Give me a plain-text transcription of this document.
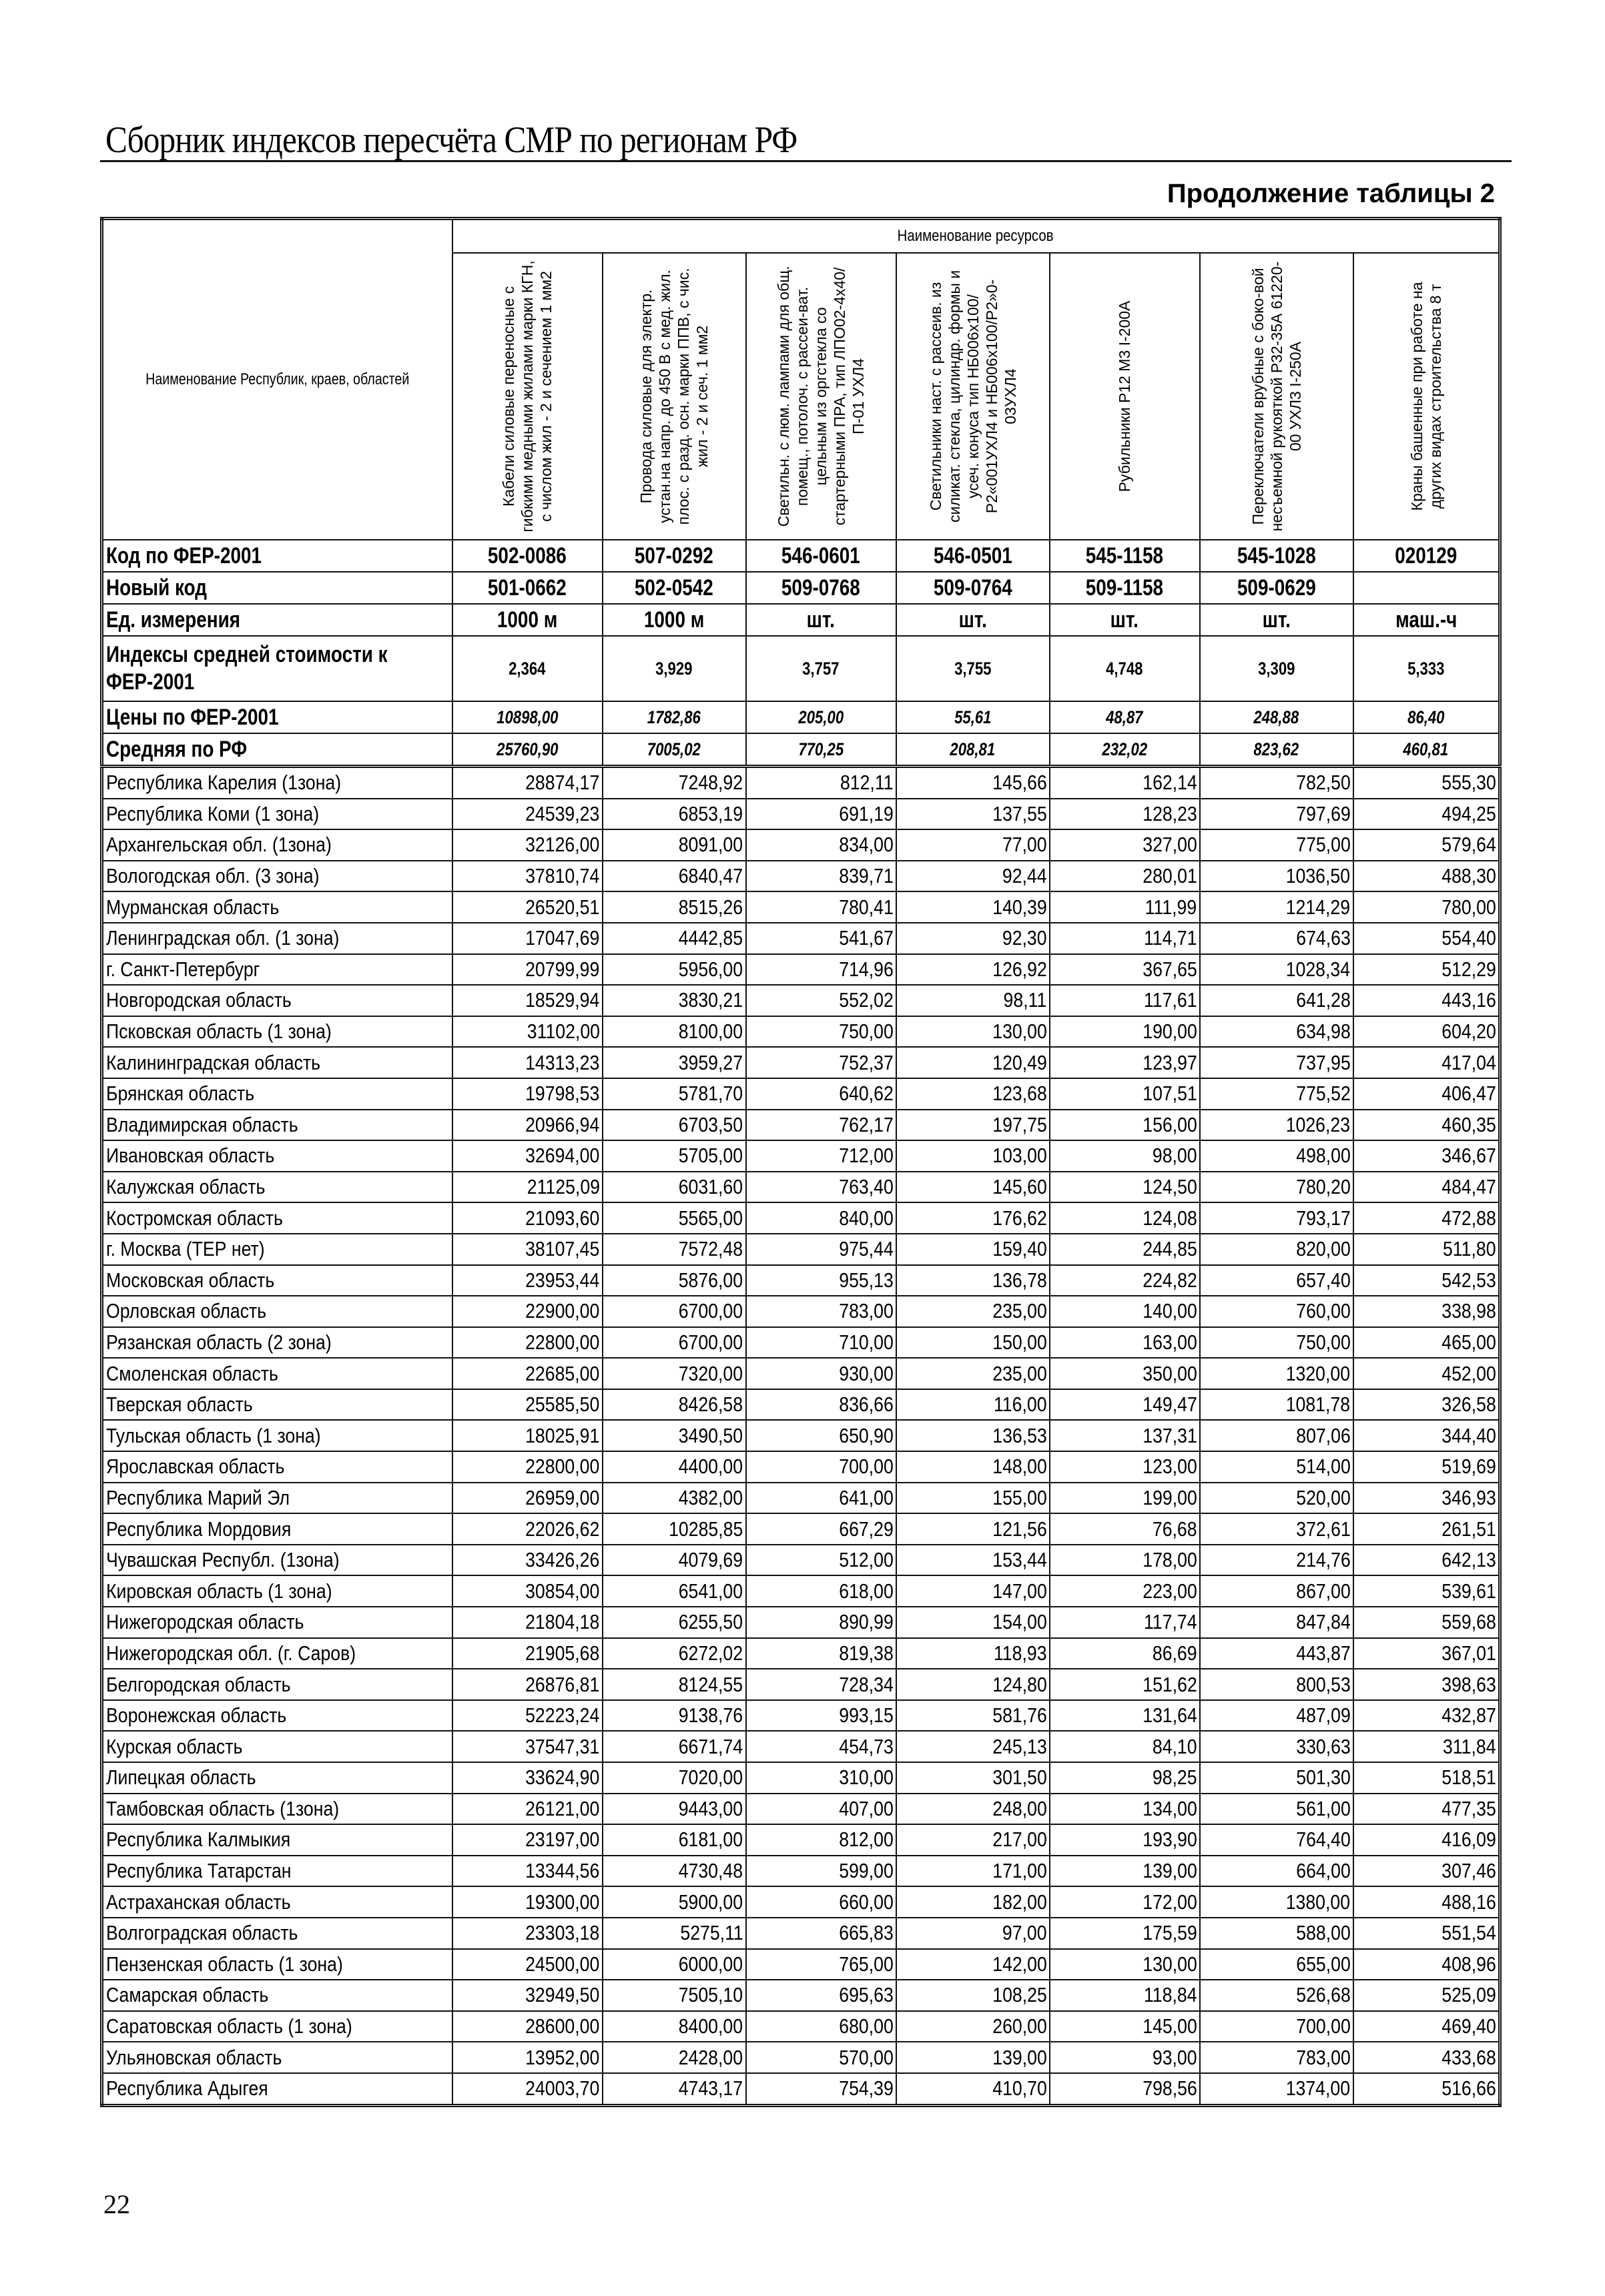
Сборник индексов пересчёта СМР по регионам РФ
Продолжение таблицы 2
Наименование Республик, краев, областей	Наименование ресурсов						

	Кабели силовые переносные с гибкими медными жилами марки КГН, с числом жил - 2 и сечением 1 мм2	Провода силовые для электр. устан.на напр. до 450 В с мед. жил. плос. с разд. осн. марки ППВ, с чис. жил - 2 и сеч. 1 мм2	Светильн. с люм. лампами для общ. помещ., потолоч. с рассеи-ват. цельным из оргстекла со стартерными ПРА, тип ЛПО02-4х40/П-01 УХЛ4	Светильники наст. с рассеив. из силикат. стекла, цилиндр. формы и усеч. конуса тип НБ006х100/Р2«001УХЛ4 и НБ006х100/Р2»0-03УХЛ4	Рубильники Р12 М3 I-200А	Переключатели врубные с боко-вой несъемной рукояткой Р32-35А 61220-00 УХЛ3 I-250А	Краны башенные при работе на других видах строительства 8 т

Код по ФЕР-2001	502-0086	507-0292	546-0601	546-0501	545-1158	545-1028	020129
Новый код	501-0662	502-0542	509-0768	509-0764	509-1158	509-0629	
Ед. измерения	1000 м	1000 м	шт.	шт.	шт.	шт.	маш.-ч
Индексы средней стоимости к ФЕР-2001	2,364	3,929	3,757	3,755	4,748	3,309	5,333
Цены по ФЕР-2001	10898,00	1782,86	205,00	55,61	48,87	248,88	86,40
Средняя по РФ	25760,90	7005,02	770,25	208,81	232,02	823,62	460,81
Республика Карелия (1зона)	28874,17	7248,92	812,11	145,66	162,14	782,50	555,30
Республика Коми (1 зона)	24539,23	6853,19	691,19	137,55	128,23	797,69	494,25
Архангельская обл. (1зона)	32126,00	8091,00	834,00	77,00	327,00	775,00	579,64
Вологодская обл. (3 зона)	37810,74	6840,47	839,71	92,44	280,01	1036,50	488,30
Мурманская область	26520,51	8515,26	780,41	140,39	111,99	1214,29	780,00
Ленинградская обл. (1 зона)	17047,69	4442,85	541,67	92,30	114,71	674,63	554,40
г. Санкт-Петербург	20799,99	5956,00	714,96	126,92	367,65	1028,34	512,29
Новгородская область	18529,94	3830,21	552,02	98,11	117,61	641,28	443,16
Псковская область (1 зона)	31102,00	8100,00	750,00	130,00	190,00	634,98	604,20
Калининградская область	14313,23	3959,27	752,37	120,49	123,97	737,95	417,04
Брянская область	19798,53	5781,70	640,62	123,68	107,51	775,52	406,47
Владимирская область	20966,94	6703,50	762,17	197,75	156,00	1026,23	460,35
Ивановская область	32694,00	5705,00	712,00	103,00	98,00	498,00	346,67
Калужская область	21125,09	6031,60	763,40	145,60	124,50	780,20	484,47
Костромская область	21093,60	5565,00	840,00	176,62	124,08	793,17	472,88
г. Москва (ТЕР нет)	38107,45	7572,48	975,44	159,40	244,85	820,00	511,80
Московская область	23953,44	5876,00	955,13	136,78	224,82	657,40	542,53
Орловская область	22900,00	6700,00	783,00	235,00	140,00	760,00	338,98
Рязанская область (2 зона)	22800,00	6700,00	710,00	150,00	163,00	750,00	465,00
Смоленская область	22685,00	7320,00	930,00	235,00	350,00	1320,00	452,00
Тверская область	25585,50	8426,58	836,66	116,00	149,47	1081,78	326,58
Тульская область (1 зона)	18025,91	3490,50	650,90	136,53	137,31	807,06	344,40
Ярославская область	22800,00	4400,00	700,00	148,00	123,00	514,00	519,69
Республика Марий Эл	26959,00	4382,00	641,00	155,00	199,00	520,00	346,93
Республика Мордовия	22026,62	10285,85	667,29	121,56	76,68	372,61	261,51
Чувашская Республ. (1зона)	33426,26	4079,69	512,00	153,44	178,00	214,76	642,13
Кировская область (1 зона)	30854,00	6541,00	618,00	147,00	223,00	867,00	539,61
Нижегородская область	21804,18	6255,50	890,99	154,00	117,74	847,84	559,68
Нижегородская обл. (г. Саров)	21905,68	6272,02	819,38	118,93	86,69	443,87	367,01
Белгородская область	26876,81	8124,55	728,34	124,80	151,62	800,53	398,63
Воронежская область	52223,24	9138,76	993,15	581,76	131,64	487,09	432,87
Курская область	37547,31	6671,74	454,73	245,13	84,10	330,63	311,84
Липецкая область	33624,90	7020,00	310,00	301,50	98,25	501,30	518,51
Тамбовская область (1зона)	26121,00	9443,00	407,00	248,00	134,00	561,00	477,35
Республика Калмыкия	23197,00	6181,00	812,00	217,00	193,90	764,40	416,09
Республика Татарстан	13344,56	4730,48	599,00	171,00	139,00	664,00	307,46
Астраханская область	19300,00	5900,00	660,00	182,00	172,00	1380,00	488,16
Волгоградская область	23303,18	5275,11	665,83	97,00	175,59	588,00	551,54
Пензенская область (1 зона)	24500,00	6000,00	765,00	142,00	130,00	655,00	408,96
Самарская область	32949,50	7505,10	695,63	108,25	118,84	526,68	525,09
Саратовская область (1 зона)	28600,00	8400,00	680,00	260,00	145,00	700,00	469,40
Ульяновская область	13952,00	2428,00	570,00	139,00	93,00	783,00	433,68
Республика Адыгея	24003,70	4743,17	754,39	410,70	798,56	1374,00	516,66
22
